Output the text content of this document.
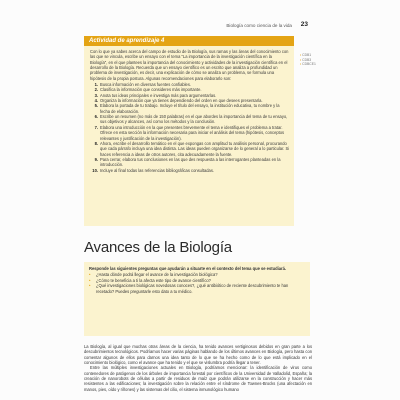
Biología como ciencia de la vida 23
Actividad de aprendizaje 4

Con lo que ya sabes acerca del campo de estudio de la Biología, sus ramas y las áreas del conocimiento con las que se vincula, escribe un ensayo con el tema "La importancia de la investigación científica en la Biología", en el que plantees la importancia del conocimiento y actividades de la investigación científica en el desarrollo de la Biología. Recuerda que un ensayo científico es un escrito que analiza a profundidad un problema de investigación, es decir, una explicación de cómo se analiza un problema, se formula una hipótesis de la propia postura. Algunas recomendaciones para elaborarlo son:

1. Busca información en diversas fuentes confiables.
2. Clasifica la información que consideres más importante.
3. Anota tus ideas principales e investiga más para argumentarlas.
4. Organiza la información que ya tienes dependiendo del orden en que desees presentarla.
5. Elabora la portada de tu trabajo. Incluye el título del ensayo, la institución educativa, tu nombre y la fecha de elaboración.
6. Escribe un resumen (no más de 150 palabras) en el que abordes la importancia del tema de tu ensayo, sus objetivos y alcances, así como los métodos y la conclusión.
7. Elabora una introducción en la que presentes brevemente el tema e identifiques el problema a tratar. Ofrece en esta sección la información necesaria para iniciar el análisis del tema (hipótesis, conceptos relevantes y justificación de la investigación).
8. Ahora, escribe el desarrollo temático en el que expongas con amplitud tu análisis personal, procurando que cada párrafo incluya una idea distinta. Las ideas pueden organizarse de lo general a lo particular. Si haces referencia a ideas de otros autores, cita adecuadamente la fuente.
9. Para cerrar, elabora tus conclusiones en las que des respuesta a las interrogantes planteadas en la introducción.
10. Incluye al final todas las referencias bibliográficas consultadas.
• CDB1
• CDB3
• CDBCE1
Avances de la Biología
Responde las siguientes preguntas que ayudarán a situarte en el contexto del tema que se estudiará.
•	¿Hasta dónde podrá llegar el avance de la investigación biológica?
•	¿Cómo te beneficia a ti la afecta este tipo de avance científico?
•	¿Qué investigaciones biológicas novedosas conoces?, ¿qué antibiótico de reciente descubrimiento te han recetado? Puedes preguntarle esto dato a tu médico.

La Biología, al igual que muchas otras áreas de la ciencia, ha tenido avances vertiginosos debidos en gran parte a los descubrimientos tecnológicos. Podríamos hacer varias páginas hablando de los últimos avances en Biología, pero hasta con comentar algunos de ellos para darnos una idea tanto de lo que se ha hecho como de lo que está implicado en el conocimiento biológico, como el avance que ha tenido y el que se vislumbra podría llegar a tener.

Entre las múltiples investigaciones actuales en Biología, podríamos mencionar: la identificación de virus como contenedores de patógenos de los árboles de importancia forestal por científicos de la Universidad de Valladolid, España; la creación de nanorobots de células a partir de residuos de maíz que podrán utilizarse en la construcción y hacer más resistentes a las edificaciones; la investigación sobre la relación entre el síndrome de Townes-Brocks (una afectación en manos, pies, oído y riñones) y las sistemas del cilio, el sistema inmunológico humano
